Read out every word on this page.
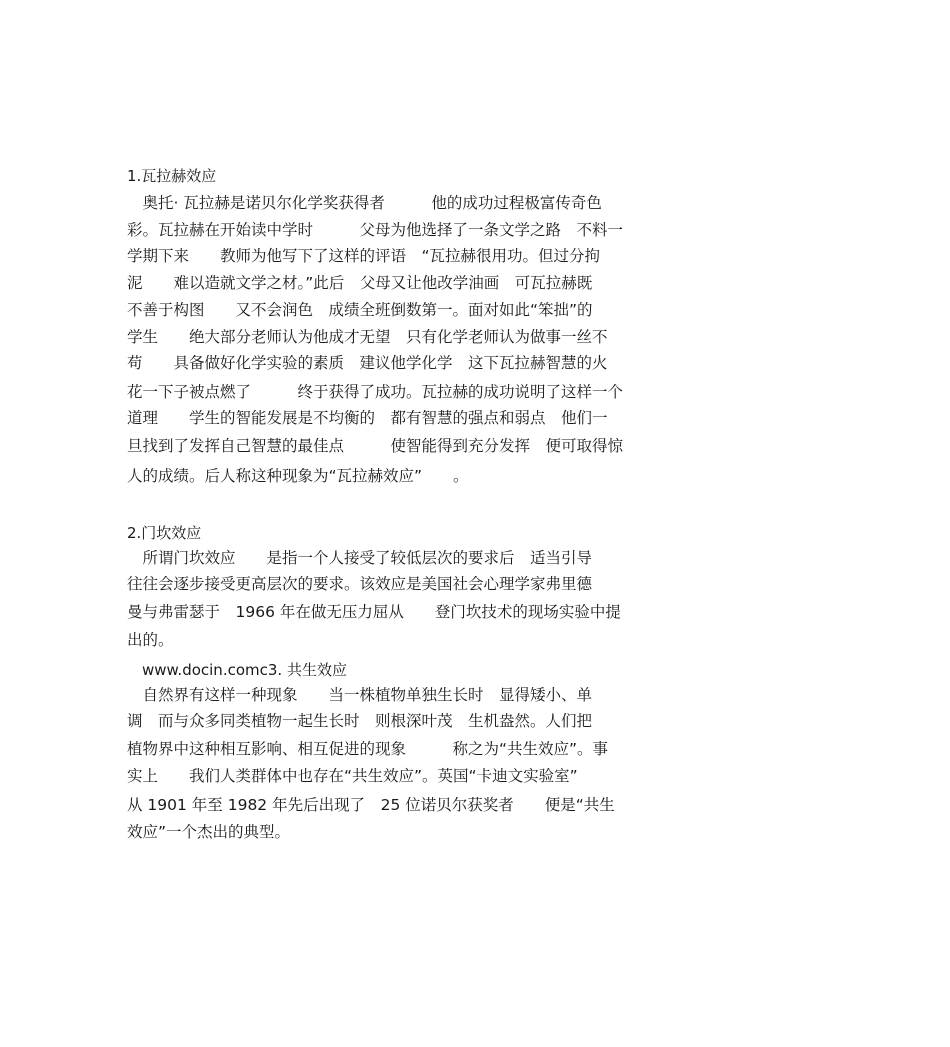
1.瓦拉赫效应
　奥托· 瓦拉赫是诺贝尔化学奖获得者　　　他的成功过程极富传奇色
彩。瓦拉赫在开始读中学时　　　父母为他选择了一条文学之路　不料一
学期下来　　教师为他写下了这样的评语　“瓦拉赫很用功。但过分拘
泥　　难以造就文学之材。”此后　父母又让他改学油画　可瓦拉赫既
不善于构图　　又不会润色　成绩全班倒数第一。面对如此“笨拙”的
学生　　绝大部分老师认为他成才无望　只有化学老师认为做事一丝不
苟　　具备做好化学实验的素质　建议他学化学　这下瓦拉赫智慧的火
花一下子被点燃了　　　终于获得了成功。瓦拉赫的成功说明了这样一个
道理　　学生的智能发展是不均衡的　都有智慧的强点和弱点　他们一
旦找到了发挥自己智慧的最佳点　　　使智能得到充分发挥　便可取得惊
人的成绩。后人称这种现象为“瓦拉赫效应”　　。
2.门坎效应
　所谓门坎效应　　是指一个人接受了较低层次的要求后　适当引导
往往会逐步接受更高层次的要求。该效应是美国社会心理学家弗里德
曼与弗雷瑟于　1966 年在做无压力屈从　　登门坎技术的现场实验中提
出的。
　www.docin.comc3. 共生效应
　自然界有这样一种现象　　当一株植物单独生长时　显得矮小、单
调　而与众多同类植物一起生长时　则根深叶茂　生机盎然。人们把
植物界中这种相互影响、相互促进的现象　　　称之为“共生效应”。事
实上　　我们人类群体中也存在“共生效应”。英国“卡迪文实验室”
从 1901 年至 1982 年先后出现了　25 位诺贝尔获奖者　　便是“共生
效应”一个杰出的典型。
